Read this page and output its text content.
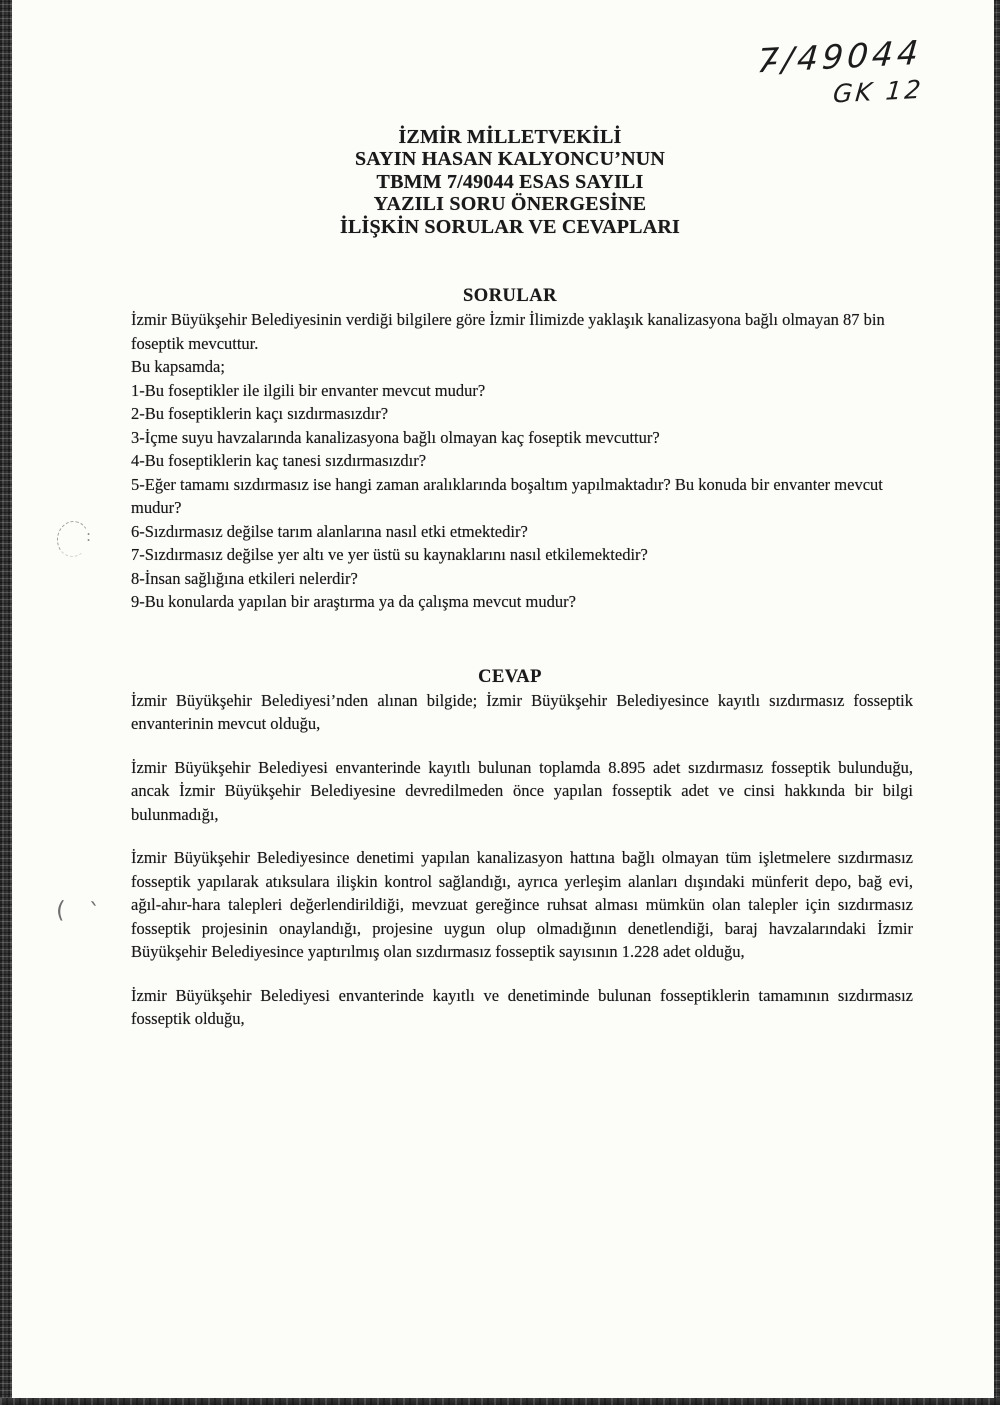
7̵/49044
GK 12
:
( `
İZMİR MİLLETVEKİLİ
SAYIN HASAN KALYONCU’NUN
TBMM 7/49044 ESAS SAYILI
YAZILI SORU ÖNERGESİNE
İLİŞKİN SORULAR VE CEVAPLARI
SORULAR

İzmir Büyükşehir Belediyesinin verdiği bilgilere göre İzmir İlimizde yaklaşık kanalizasyona bağlı olmayan 87 bin foseptik mevcuttur.

Bu kapsamda;

1-Bu foseptikler ile ilgili bir envanter mevcut mudur?

2-Bu foseptiklerin kaçı sızdırmasızdır?

3-İçme suyu havzalarında kanalizasyona bağlı olmayan kaç foseptik mevcuttur?

4-Bu foseptiklerin kaç tanesi sızdırmasızdır?

5-Eğer tamamı sızdırmasız ise hangi zaman aralıklarında boşaltım yapılmaktadır? Bu konuda bir envanter mevcut mudur?

6-Sızdırmasız değilse tarım alanlarına nasıl etki etmektedir?

7-Sızdırmasız değilse yer altı ve yer üstü su kaynaklarını nasıl etkilemektedir?

8-İnsan sağlığına etkileri nelerdir?

9-Bu konularda yapılan bir araştırma ya da çalışma mevcut mudur?

CEVAP

İzmir Büyükşehir Belediyesi’nden alınan bilgide; İzmir Büyükşehir Belediyesince kayıtlı sızdırmasız fosseptik envanterinin mevcut olduğu,

İzmir Büyükşehir Belediyesi envanterinde kayıtlı bulunan toplamda 8.895 adet sızdırmasız fosseptik bulunduğu, ancak İzmir Büyükşehir Belediyesine devredilmeden önce yapılan fosseptik adet ve cinsi hakkında bir bilgi bulunmadığı,

İzmir Büyükşehir Belediyesince denetimi yapılan kanalizasyon hattına bağlı olmayan tüm işletmelere sızdırmasız fosseptik yapılarak atıksulara ilişkin kontrol sağlandığı, ayrıca yerleşim alanları dışındaki münferit depo, bağ evi, ağıl-ahır-hara talepleri değerlendirildiği, mevzuat gereğince ruhsat alması mümkün olan talepler için sızdırmasız fosseptik projesinin onaylandığı, projesine uygun olup olmadığının denetlendiği, baraj havzalarındaki İzmir Büyükşehir Belediyesince yaptırılmış olan sızdırmasız fosseptik sayısının 1.228 adet olduğu,

İzmir Büyükşehir Belediyesi envanterinde kayıtlı ve denetiminde bulunan fosseptiklerin tamamının sızdırmasız fosseptik olduğu,
